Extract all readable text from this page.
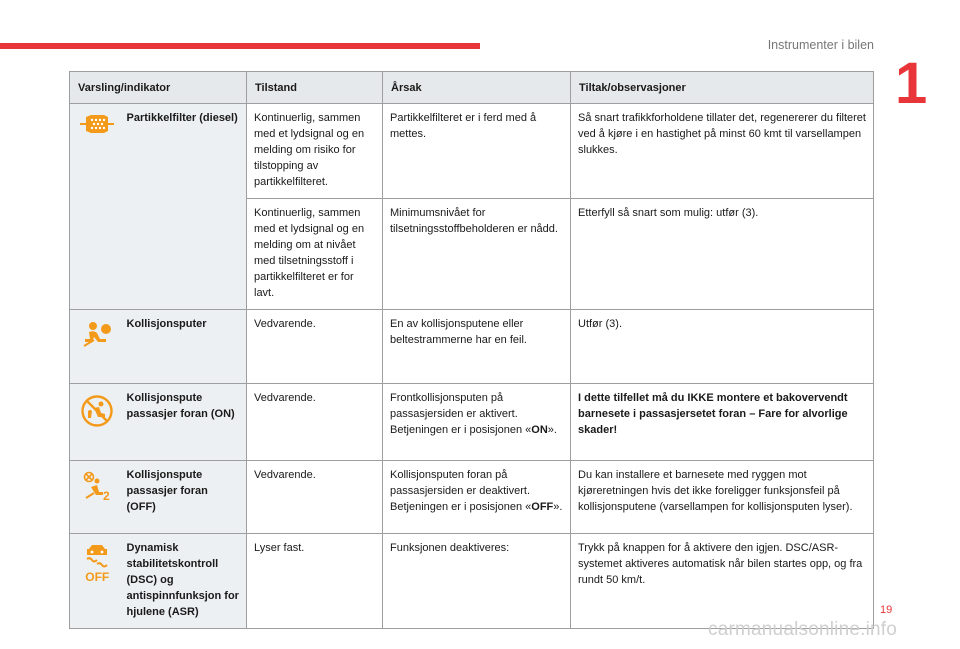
Instrumenter i bilen
1
Varsling/indikator		Tilstand	Årsak	Tiltak/observasjoner
	Partikkelfilter (diesel)	Kontinuerlig, sammen med et lydsignal og en melding om risiko for tilstopping av partikkelfilteret.	Partikkelfilteret er i ferd med å mettes.	Så snart trafikkforholdene tillater det, regenererer du filteret ved å kjøre i en hastighet på minst 60 kmt til varsellampen slukkes.
		Kontinuerlig, sammen med et lydsignal og en melding om at nivået med tilsetningsstoff i partikkelfilteret er for lavt.	Minimumsnivået for tilsetningsstoffbeholderen er nådd.	Etterfyll så snart som mulig: utfør (3).
	Kollisjonsputer	Vedvarende.	En av kollisjonsputene eller beltestrammerne har en feil.	Utfør (3).
	Kollisjonspute passasjer foran (ON)	Vedvarende.	Frontkollisjonsputen på passasjersiden er aktivert. Betjeningen er i posisjonen «ON».	I dette tilfellet må du IKKE montere et bakovervendt barnesete i passasjersetet foran – Fare for alvorlige skader!

2	Kollisjonspute passasjer foran (OFF)	Vedvarende.	Kollisjonsputen foran på passasjersiden er deaktivert. Betjeningen er i posisjonen «OFF».	Du kan installere et barnesete med ryggen mot kjøreretningen hvis det ikke foreligger funksjonsfeil på kollisjonsputene (varsellampen for kollisjonsputen lyser).

OFF	Dynamisk stabilitetskontroll (DSC) og antispinnfunksjon for hjulene (ASR)	Lyser fast.	Funksjonen deaktiveres:	Trykk på knappen for å aktivere den igjen. DSC/ASR-systemet aktiveres automatisk når bilen startes opp, og fra rundt 50 km/t.
19
carmanualsonline.info
